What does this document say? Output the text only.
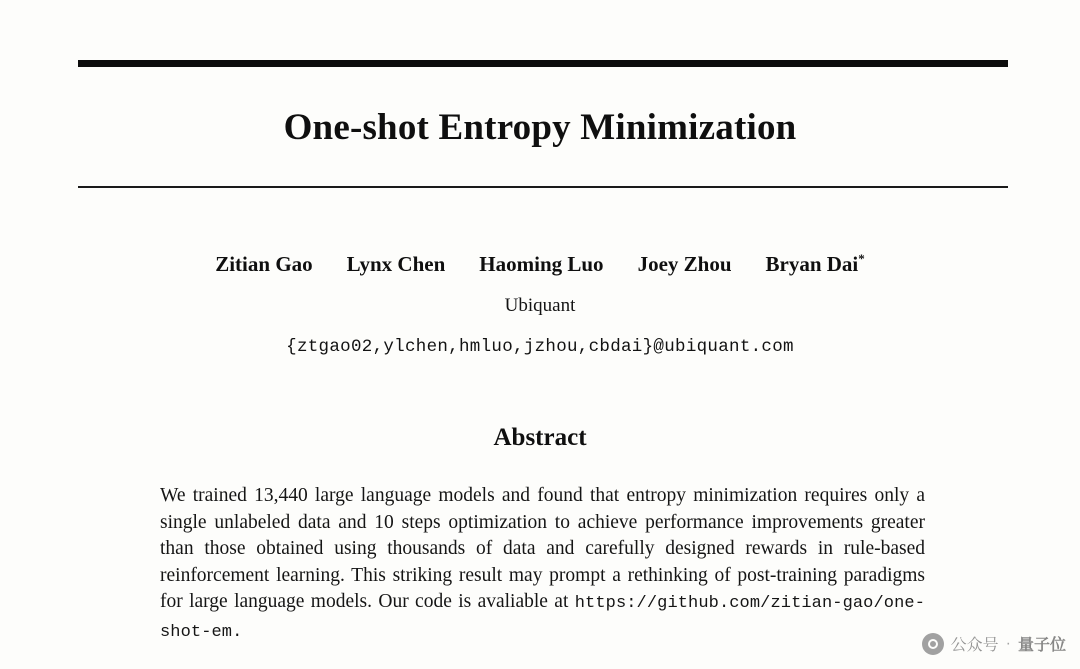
One-shot Entropy Minimization
Zitian Gao Lynx Chen Haoming Luo Joey Zhou Bryan Dai*
Ubiquant
{ztgao02,ylchen,hmluo,jzhou,cbdai}@ubiquant.com
Abstract
We trained 13,440 large language models and found that entropy minimization requires only a single unlabeled data and 10 steps optimization to achieve performance improvements greater than those obtained using thousands of data and carefully designed rewards in rule-based reinforcement learning. This striking result may prompt a rethinking of post-training paradigms for large language models. Our code is avaliable at https://github.com/zitian-gao/one-shot-em.
公众号 · 量子位
